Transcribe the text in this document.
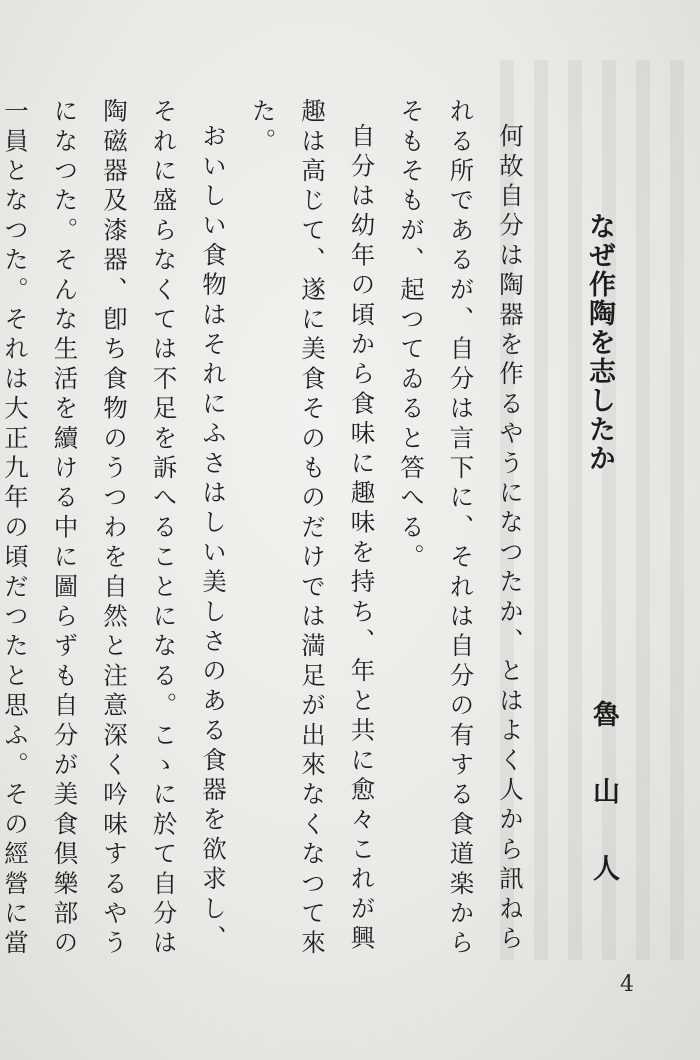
なぜ作陶を志したか
魯山人

何故自分は陶器を作るやうになつたか、とはよく人から訊ねられる所であるが、自分は言下に、それは自分の有する食道楽からそもそもが、起つてゐると答へる。

自分は幼年の頃から食味に趣味を持ち、年と共に愈々これが興趣は高じて、遂に美食そのものだけでは満足が出來なくなつて來た。

おいしい食物はそれにふさはしい美しさのある食器を欲求し、それに盛らなくては不足を訴へることになる。こゝに於て自分は陶磁器及漆器、卽ち食物のうつわを自然と注意深く吟味するやうになつた。そんな生活を續ける中に圖らずも自分が美食倶樂部の一員となつた。それは大正九年の頃だつたと思ふ。その經營に當

4
